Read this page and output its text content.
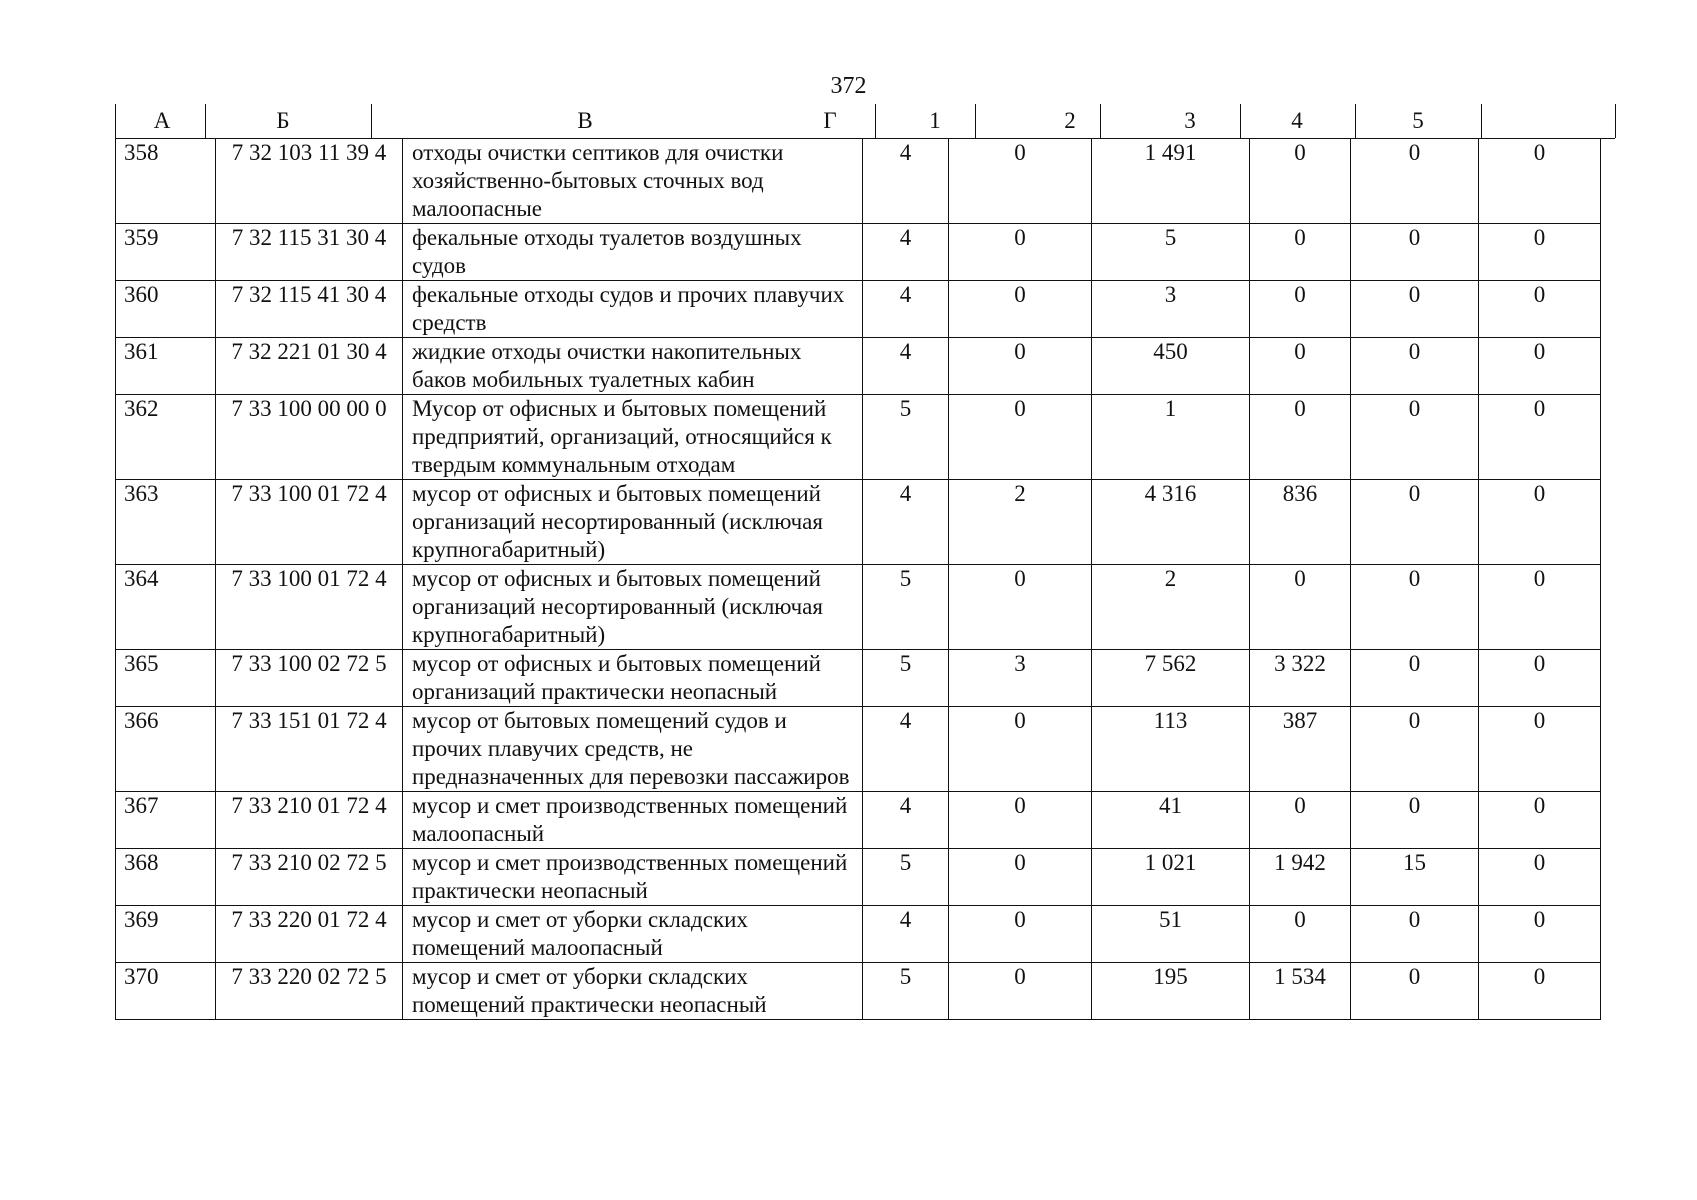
372
А	Б	В	Г	1	2	3	4	5
358	7 32 103 11 39 4	отходы очистки септиков для очистки хозяйственно-бытовых сточных вод малоопасные	4	0	1 491	0	0	0
359	7 32 115 31 30 4	фекальные отходы туалетов воздушных судов	4	0	5	0	0	0
360	7 32 115 41 30 4	фекальные отходы судов и прочих плавучих средств	4	0	3	0	0	0
361	7 32 221 01 30 4	жидкие отходы очистки накопительных баков мобильных туалетных кабин	4	0	450	0	0	0
362	7 33 100 00 00 0	Мусор от офисных и бытовых помещений предприятий, организаций, относящийся к твердым коммунальным отходам	5	0	1	0	0	0
363	7 33 100 01 72 4	мусор от офисных и бытовых помещений организаций несортированный (исключая крупногабаритный)	4	2	4 316	836	0	0
364	7 33 100 01 72 4	мусор от офисных и бытовых помещений организаций несортированный (исключая крупногабаритный)	5	0	2	0	0	0
365	7 33 100 02 72 5	мусор от офисных и бытовых помещений организаций практически неопасный	5	3	7 562	3 322	0	0
366	7 33 151 01 72 4	мусор от бытовых помещений судов и прочих плавучих средств, не предназначенных для перевозки пассажиров	4	0	113	387	0	0
367	7 33 210 01 72 4	мусор и смет производственных помещений малоопасный	4	0	41	0	0	0
368	7 33 210 02 72 5	мусор и смет производственных помещений практически неопасный	5	0	1 021	1 942	15	0
369	7 33 220 01 72 4	мусор и смет от уборки складских помещений малоопасный	4	0	51	0	0	0
370	7 33 220 02 72 5	мусор и смет от уборки складских помещений практически неопасный	5	0	195	1 534	0	0
